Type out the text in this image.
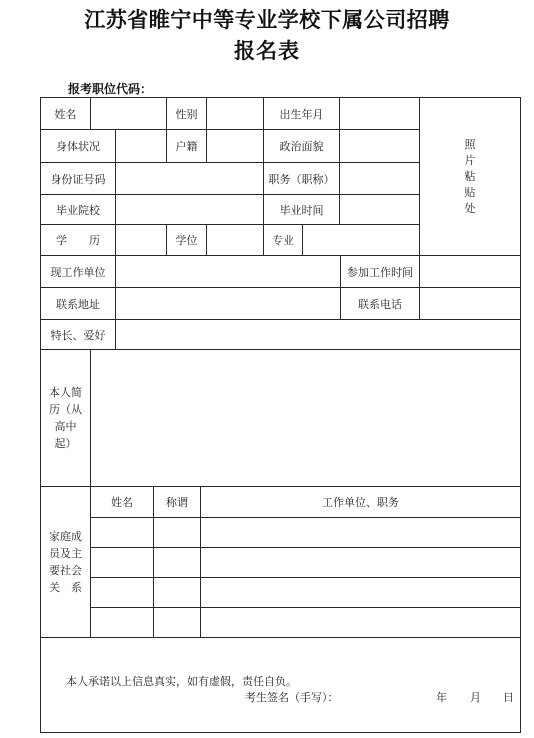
江苏省睢宁中等专业学校下属公司招聘
报名表
报考职位代码：
姓名	性别	出生年月
照
片
粘
贴
处
身体状况	户籍	政治面貌
身份证号码	职务（职称）
毕业院校	毕业时间
学　　历	学位	专业
现工作单位	参加工作时间
联系地址	联系电话
特长、爱好
本人简
历（从
高中
起）
家庭成
员及主
要社会
关　系
姓名	称谓	工作单位、职务
本人承诺以上信息真实，如有虚假，责任自负。
考生签名（手写）：	年 月 日
